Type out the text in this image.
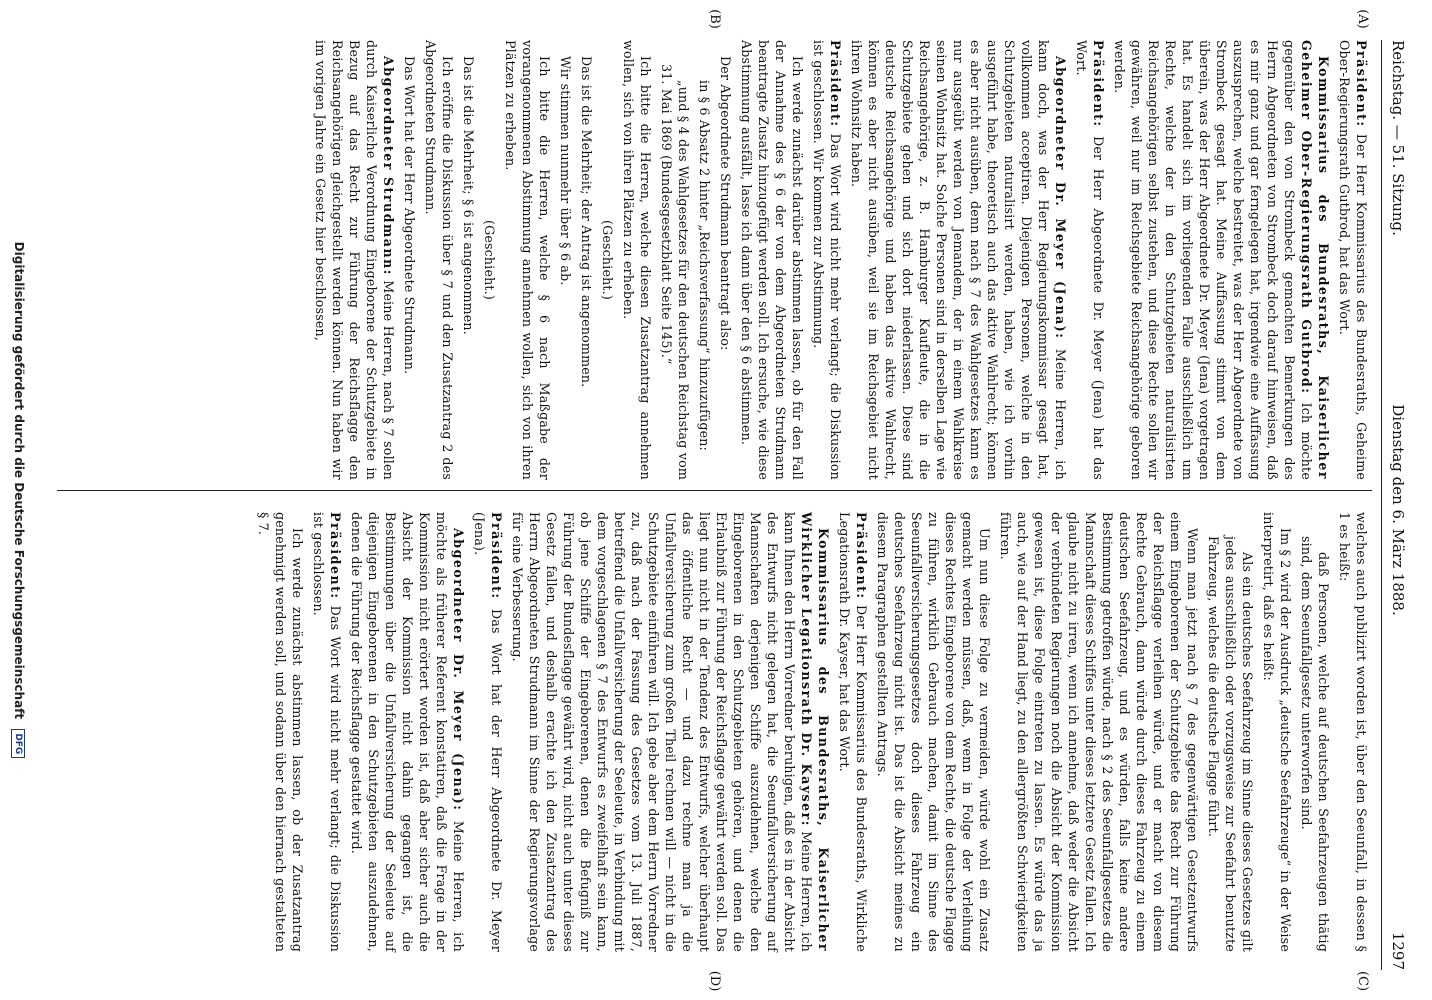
Reichstag. — 51. Sitzung.
Dienstag den 6. März 1888.
1297
(A)
(B)
(C)
(D)

Präsident: Der Herr Kommissarius des Bundesraths, Geheime Ober-Regierungsrath Gutbrod, hat das Wort.

Kommissarius des Bundesraths, Kaiserlicher Geheimer Ober-Regierungsrath Gutbrod: Ich möchte gegenüber den von Strombeck gemachten Bemerkungen des Herrn Abgeordneten von Strombeck doch darauf hinweisen, daß es mir ganz und gar ferngelegen hat, irgendwie eine Auffassung auszusprechen, welche bestreitet, was der Herr Abgeordnete von Strombeck gesagt hat. Meine Auffassung stimmt von dem überein, was der Herr Abgeordnete Dr. Meyer (Jena) vorgetragen hat. Es handelt sich im vorliegenden Falle ausschließlich um Rechte, welche der in den Schutzgebieten naturalisirten Reichsangehörigen selbst zustehen, und diese Rechte sollen wir gewähren, weil nur im Reichsgebiete Reichsangehörige geboren werden.

Präsident: Der Herr Abgeordnete Dr. Meyer (Jena) hat das Wort.

Abgeordneter Dr. Meyer (Jena): Meine Herren, ich kann doch, was der Herr Regierungskommissar gesagt hat, vollkommen acceptiren. Diejenigen Personen, welche in den Schutzgebieten naturalisirt werden, haben, wie ich vorhin ausgeführt habe, theoretisch auch das aktive Wahlrecht; können es aber nicht ausüben, denn nach § 7 des Wahlgesetzes kann es nur ausgeübt werden von Jemandem, der in einem Wahlkreise seinen Wohnsitz hat. Solche Personen sind in derselben Lage wie Reichsangehörige, z. B. Hamburger Kaufleute, die in die Schutzgebiete gehen und sich dort niederlassen. Diese sind deutsche Reichsangehörige und haben das aktive Wahlrecht, können es aber nicht ausüben, weil sie im Reichsgebiet nicht ihren Wohnsitz haben.

Präsident: Das Wort wird nicht mehr verlangt; die Diskussion ist geschlossen. Wir kommen zur Abstimmung.

Ich werde zunächst darüber abstimmen lassen, ob für den Fall der Annahme des § 6 der von dem Abgeordneten Strudmann beantragte Zusatz hinzugefügt werden soll. Ich ersuche, wie diese Abstimmung ausfällt, lasse ich dann über den § 6 abstimmen.

Der Abgeordnete Strudmann beantragt also:

in § 6 Absatz 2 hinter „Reichsverfassung“ hinzuzufügen:

„und § 4 des Wahlgesetzes für den deutschen Reichstag vom 31. Mai 1869 (Bundesgesetzblatt Seite 145).“

Ich bitte die Herren, welche diesen Zusatzantrag annehmen wollen, sich von ihren Plätzen zu erheben.

(Geschieht.)

Das ist die Mehrheit; der Antrag ist angenommen.

Wir stimmen nunmehr über § 6 ab.

Ich bitte die Herren, welche § 6 nach Maßgabe der vorangenommenen Abstimmung annehmen wollen, sich von ihren Plätzen zu erheben.

(Geschieht.)

Das ist die Mehrheit; § 6 ist angenommen.

Ich eröffne die Diskussion über § 7 und den Zusatzantrag 2 des Abgeordneten Strudmann.

Das Wort hat der Herr Abgeordnete Strudmann.

Abgeordneter Strudmann: Meine Herren, nach § 7 sollen durch Kaiserliche Verordnung Eingeborene der Schutzgebiete in Bezug auf das Recht zur Führung der Reichsflagge den Reichsangehörigen gleichgestellt werden können. Nun haben wir im vorigen Jahre ein Gesetz hier beschlossen,

welches auch publizirt worden ist, über den Seeunfall, in dessen § 1 es heißt:

daß Personen, welche auf deutschen Seefahrzeugen thätig sind, dem Seeunfallgesetz unterworfen sind.

Im § 2 wird der Ausdruck „deutsche Seefahrzeuge“ in der Weise interpretirt, daß es heißt:

Als ein deutsches Seefahrzeug im Sinne dieses Gesetzes gilt jedes ausschließlich oder vorzugsweise zur Seefahrt benutzte Fahrzeug, welches die deutsche Flagge führt.

Wenn man jetzt nach § 7 des gegenwärtigen Gesetzentwurfs einem Eingeborenen der Schutzgebiete das Recht zur Führung der Reichsflagge verleihen würde, und er macht von diesem Rechte Gebrauch, dann würde durch dieses Fahrzeug zu einem deutschen Seefahrzeug, und es würden, falls keine andere Bestimmung getroffen würde, nach § 2 des Seeunfallgesetzes die Mannschaft dieses Schiffes unter dieses letztere Gesetz fallen. Ich glaube nicht zu irren, wenn ich annehme, daß weder die Absicht der verbündeten Regierungen noch die Absicht der Kommission gewesen ist, diese Folge eintreten zu lassen. Es würde das ja auch, wie auf der Hand liegt, zu den allergrößten Schwierigkeiten führen.

Um nun diese Folge zu vermeiden, würde wohl ein Zusatz gemacht werden müssen, daß, wenn in Folge der Verleihung dieses Rechtes Eingeborene von dem Rechte, die deutsche Flagge zu führen, wirklich Gebrauch machen, damit im Sinne des Seeunfallversicherungsgesetzes doch dieses Fahrzeug ein deutsches Seefahrzeug nicht ist. Das ist die Absicht meines zu diesem Paragraphen gestellten Antrags.

Präsident: Der Herr Kommissarius des Bundesraths, Wirkliche Legationsrath Dr. Kayser, hat das Wort.

Kommissarius des Bundesraths, Kaiserlicher Wirklicher Legationsrath Dr. Kayser: Meine Herren, ich kann Ihnen den Herrn Vorredner beruhigen, daß es in der Absicht des Entwurfs nicht gelegen hat, die Seeunfallversicherung auf Mannschaften derjenigen Schiffe auszudehnen, welche den Eingeborenen in den Schutzgebieten gehören, und denen die Erlaubniß zur Führung der Reichsflagge gewährt werden soll. Das liegt nun nicht in der Tendenz des Entwurfs, welcher überhaupt das öffentliche Recht — und dazu rechne man ja die Unfallversicherung zum großen Theil rechnen will — nicht in die Schutzgebiete einführen will. Ich gebe aber dem Herrn Vorredner zu, daß nach der Fassung des Gesetzes vom 13. Juli 1887, betreffend die Unfallversicherung der Seeleute, in Verbindung mit dem vorgeschlagenen § 7 des Entwurfs es zweifelhaft sein kann, ob jene Schiffe der Eingeborenen, denen die Befugniß zur Führung der Bundesflagge gewährt wird, nicht auch unter dieses Gesetz fallen, und deshalb erachte ich den Zusatzantrag des Herrn Abgeordneten Strudmann im Sinne der Regierungsvorlage für eine Verbesserung.

Präsident: Das Wort hat der Herr Abgeordnete Dr. Meyer (Jena).

Abgeordneter Dr. Meyer (Jena): Meine Herren, ich möchte als früherer Referent konstatiren, daß die Frage in der Kommission nicht erörtert worden ist, daß aber sicher auch die Absicht der Kommission nicht dahin gegangen ist, die Bestimmungen über die Unfallversicherung der Seeleute auf diejenigen Eingeborenen in den Schutzgebieten auszudehnen, denen die Führung der Reichsflagge gestattet wird.

Präsident: Das Wort wird nicht mehr verlangt; die Diskussion ist geschlossen.

Ich werde zunächst abstimmen lassen, ob der Zusatzantrag genehmigt werden soll, und sodann über den hiernach gestalteten § 7.

Digitalisierung gefördert durch die Deutsche Forschungsgemeinschaft DFG
